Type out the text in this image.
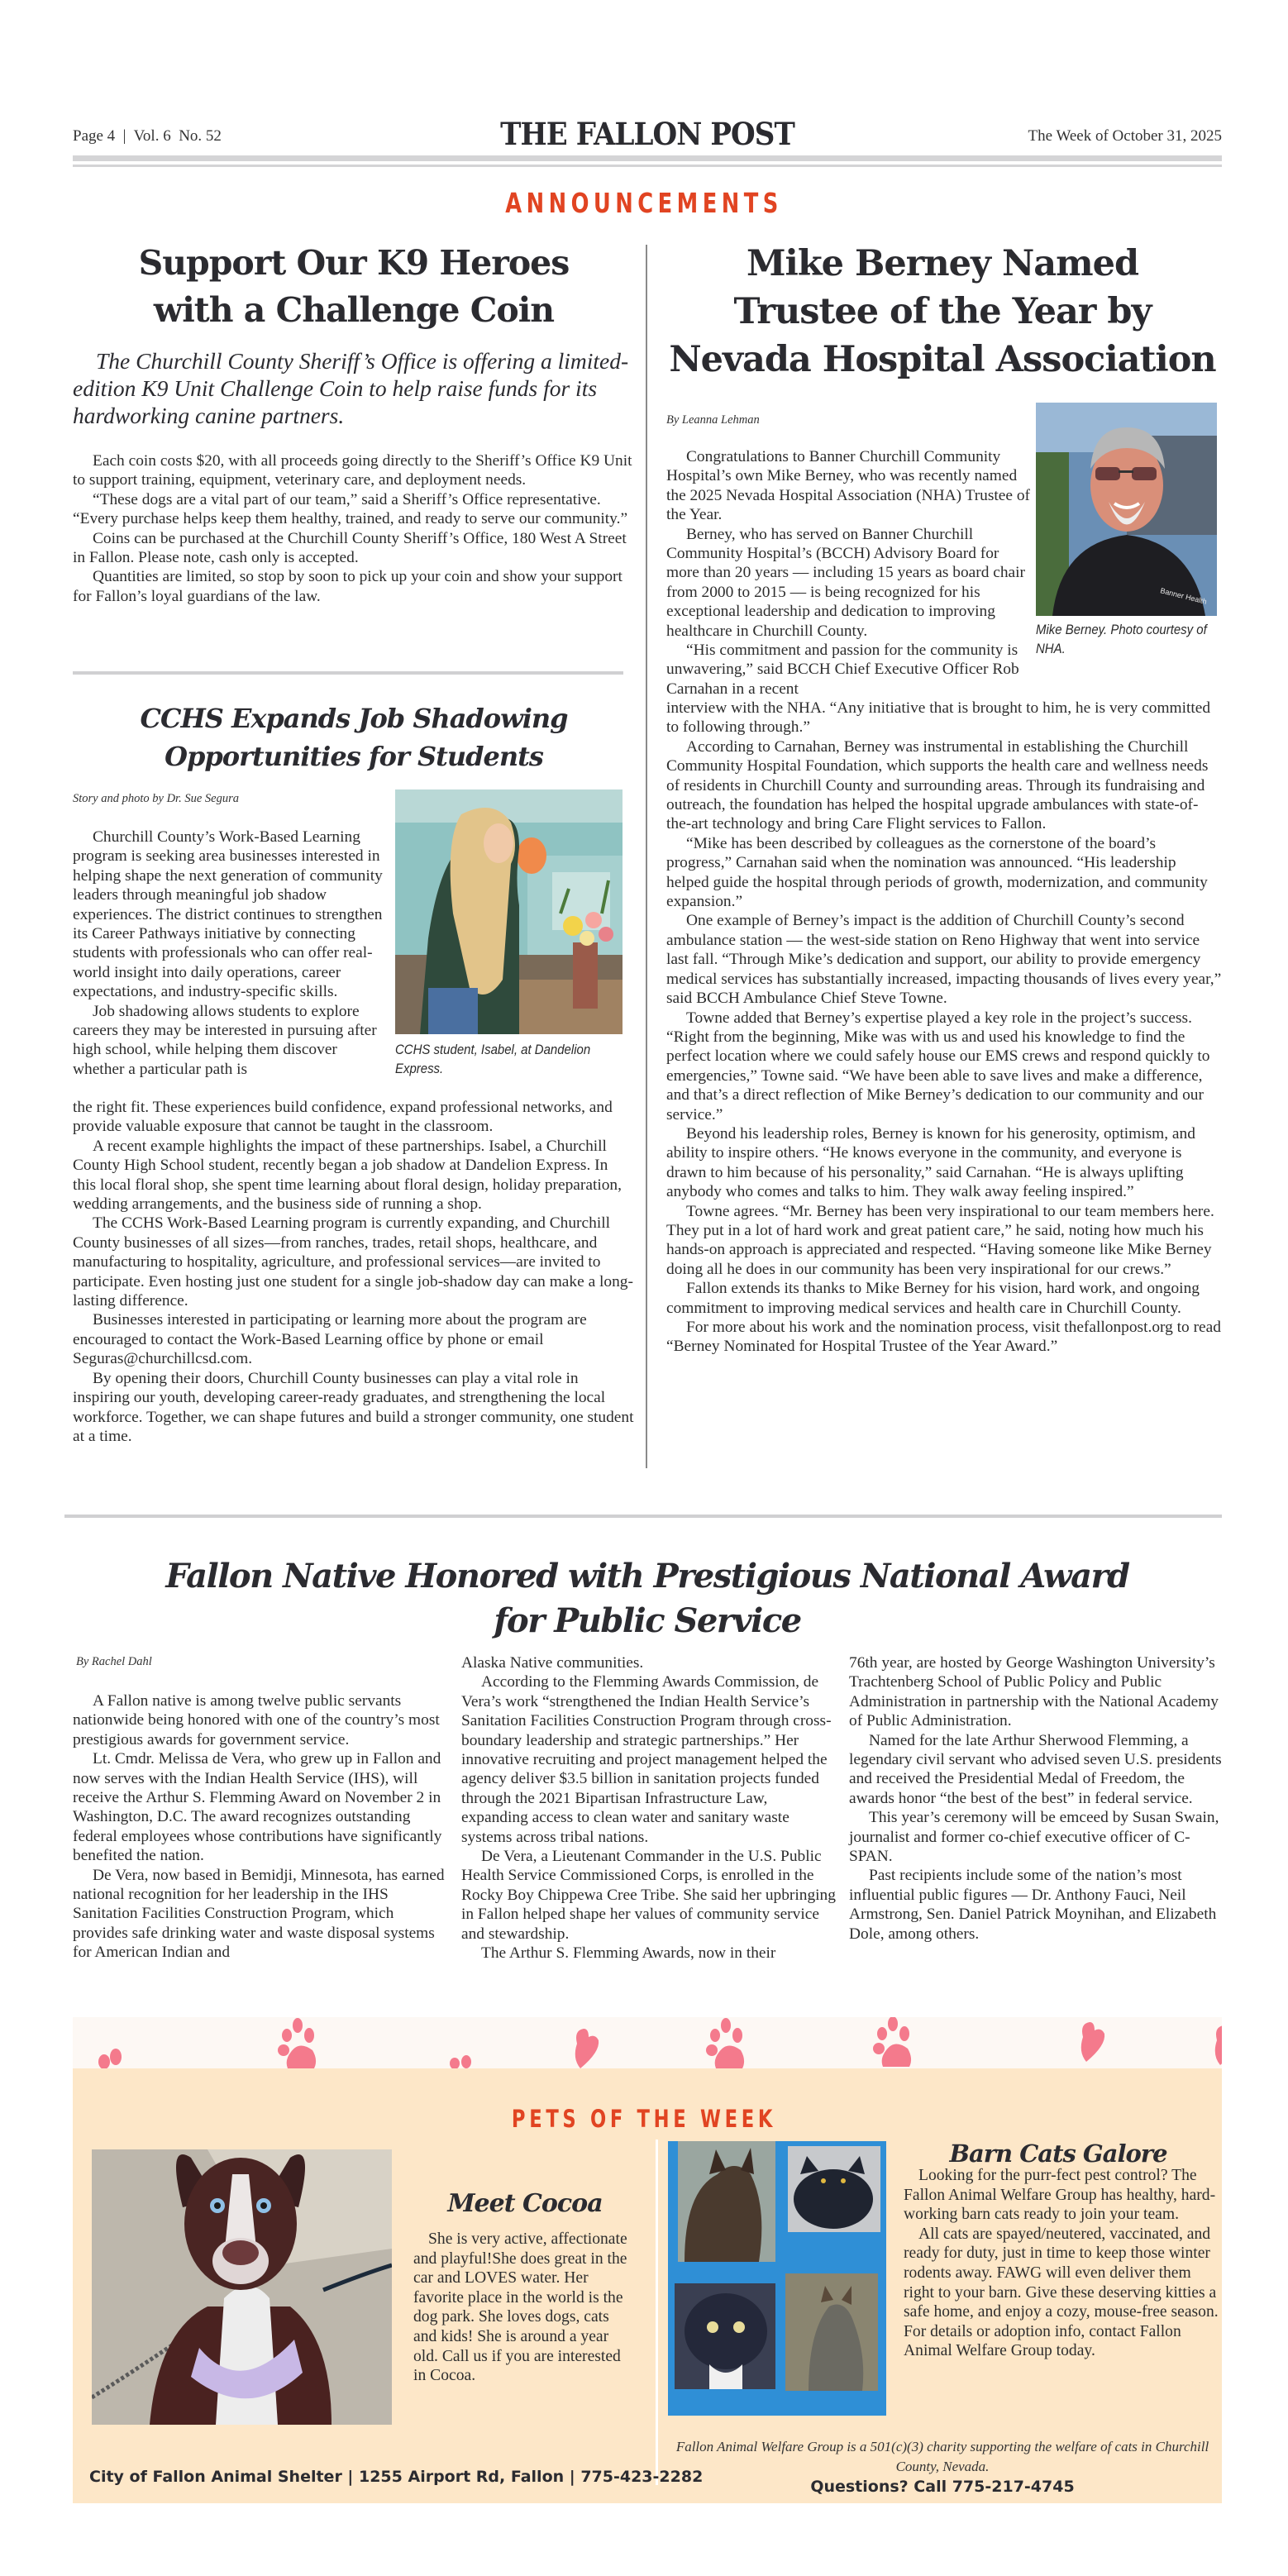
Page 4  |  Vol. 6  No. 52	THE FALLON POST	The Week of October 31, 2025
ANNOUNCEMENTS
Support Our K9 Heroes
with a Challenge Coin

The Churchill County Sheriff’s Office is offering a limited-edition K9 Unit Challenge Coin to help raise funds for its hardworking canine partners.

Each coin costs $20, with all proceeds going directly to the Sheriff’s Office K9 Unit to support training, equipment, veterinary care, and deployment needs.

“These dogs are a vital part of our team,” said a Sheriff’s Office representative. “Every purchase helps keep them healthy, trained, and ready to serve our community.”

Coins can be purchased at the Churchill County Sheriff’s Office, 180 West A Street in Fallon. Please note, cash only is accepted.

Quantities are limited, so stop by soon to pick up your coin and show your support for Fallon’s loyal guardians of the law.

CCHS Expands Job Shadowing
Opportunities for Students
Story and photo by Dr. Sue Segura
CCHS student, Isabel, at Dandelion Express.

Churchill County’s Work-Based Learning program is seeking area businesses interested in helping shape the next generation of community leaders through meaningful job shadow experiences. The district continues to strengthen its Career Pathways initiative by connecting students with professionals who can offer real-world insight into daily operations, career expectations, and industry-specific skills.

Job shadowing allows students to explore careers they may be interested in pursuing after high school, while helping them discover whether a particular path is

the right fit. These experiences build confidence, expand professional networks, and provide valuable exposure that cannot be taught in the classroom.

A recent example highlights the impact of these partnerships. Isabel, a Churchill County High School student, recently began a job shadow at Dandelion Express. In this local floral shop, she spent time learning about floral design, holiday preparation, wedding arrangements, and the business side of running a shop.

The CCHS Work-Based Learning program is currently expanding, and Churchill County businesses of all sizes—from ranches, trades, retail shops, healthcare, and manufacturing to hospitality, agriculture, and professional services—are invited to participate. Even hosting just one student for a single job-shadow day can make a long-lasting difference.

Businesses interested in participating or learning more about the program are encouraged to contact the Work-Based Learning office by phone or email Seguras@churchillcsd.com.

By opening their doors, Churchill County businesses can play a vital role in inspiring our youth, developing career-ready graduates, and strengthening the local workforce. Together, we can shape futures and build a stronger community, one student at a time.

Mike Berney Named
Trustee of the Year by
Nevada Hospital Association
By Leanna Lehman
Banner Health
Mike Berney. Photo courtesy of NHA.

Congratulations to Banner Churchill Community Hospital’s own Mike Berney, who was recently named the 2025 Nevada Hospital Association (NHA) Trustee of the Year.

Berney, who has served on Banner Churchill Community Hospital’s (BCCH) Advisory Board for more than 20 years — including 15 years as board chair from 2000 to 2015 — is being recognized for his exceptional leadership and dedication to improving healthcare in Churchill County.

“His commitment and passion for the community is unwavering,” said BCCH Chief Executive Officer Rob Carnahan in a recent

interview with the NHA. “Any initiative that is brought to him, he is very committed to following through.”

According to Carnahan, Berney was instrumental in establishing the Churchill Community Hospital Foundation, which supports the health care and wellness needs of residents in Churchill County and surrounding areas. Through its fundraising and outreach, the foundation has helped the hospital upgrade ambulances with state-of-the-art technology and bring Care Flight services to Fallon.

“Mike has been described by colleagues as the cornerstone of the board’s progress,” Carnahan said when the nomination was announced. “His leadership helped guide the hospital through periods of growth, modernization, and community expansion.”

One example of Berney’s impact is the addition of Churchill County’s second ambulance station — the west-side station on Reno Highway that went into service last fall. “Through Mike’s dedication and support, our ability to provide emergency medical services has substantially increased, impacting thousands of lives every year,” said BCCH Ambulance Chief Steve Towne.

Towne added that Berney’s expertise played a key role in the project’s success. “Right from the beginning, Mike was with us and used his knowledge to find the perfect location where we could safely house our EMS crews and respond quickly to emergencies,” Towne said. “We have been able to save lives and make a difference, and that’s a direct reflection of Mike Berney’s dedication to our community and our service.”

Beyond his leadership roles, Berney is known for his generosity, optimism, and ability to inspire others. “He knows everyone in the community, and everyone is drawn to him because of his personality,” said Carnahan. “He is always uplifting anybody who comes and talks to him. They walk away feeling inspired.”

Towne agrees. “Mr. Berney has been very inspirational to our team members here. They put in a lot of hard work and great patient care,” he said, noting how much his hands-on approach is appreciated and respected. “Having someone like Mike Berney doing all he does in our community has been very inspirational for our crews.”

Fallon extends its thanks to Mike Berney for his vision, hard work, and ongoing commitment to improving medical services and health care in Churchill County.

For more about his work and the nomination process, visit thefallonpost.org to read “Berney Nominated for Hospital Trustee of the Year Award.”

Fallon Native Honored with Prestigious National Award
for Public Service
By Rachel Dahl

A Fallon native is among twelve public servants nationwide being honored with one of the country’s most prestigious awards for government service.

Lt. Cmdr. Melissa de Vera, who grew up in Fallon and now serves with the Indian Health Service (IHS), will receive the Arthur S. Flemming Award on November 2 in Washington, D.C. The award recognizes outstanding federal employees whose contributions have significantly benefited the nation.

De Vera, now based in Bemidji, Minnesota, has earned national recognition for her leadership in the IHS Sanitation Facilities Construction Program, which provides safe drinking water and waste disposal systems for American Indian and

Alaska Native communities.

According to the Flemming Awards Commission, de Vera’s work “strengthened the Indian Health Service’s Sanitation Facilities Construction Program through cross-boundary leadership and strategic partnerships.” Her innovative recruiting and project management helped the agency deliver $3.5 billion in sanitation projects funded through the 2021 Bipartisan Infrastructure Law, expanding access to clean water and sanitary waste systems across tribal nations.

De Vera, a Lieutenant Commander in the U.S. Public Health Service Commissioned Corps, is enrolled in the Rocky Boy Chippewa Cree Tribe. She said her upbringing in Fallon helped shape her values of community service and stewardship.

The Arthur S. Flemming Awards, now in their

76th year, are hosted by George Washington University’s Trachtenberg School of Public Policy and Public Administration in partnership with the National Academy of Public Administration.

Named for the late Arthur Sherwood Flemming, a legendary civil servant who advised seven U.S. presidents and received the Presidential Medal of Freedom, the awards honor “the best of the best” in federal service.

This year’s ceremony will be emceed by Susan Swain, journalist and former co-chief executive officer of C-SPAN.

Past recipients include some of the nation’s most influential public figures — Dr. Anthony Fauci, Neil Armstrong, Sen. Daniel Patrick Moynihan, and Elizabeth Dole, among others.

PETS OF THE WEEK
Meet Cocoa

She is very active, affectionate and playful!She does great in the car and LOVES water. Her favorite place in the world is the dog park. She loves dogs, cats and kids! She is around a year old. Call us if you are interested in Cocoa.

City of Fallon Animal Shelter | 1255 Airport Rd, Fallon | 775-423-2282
Barn Cats Galore

Looking for the purr-fect pest control? The Fallon Animal Welfare Group has healthy, hard-working barn cats ready to join your team.

All cats are spayed/neutered, vaccinated, and ready for duty, just in time to keep those winter rodents away. FAWG will even deliver them right to your barn. Give these deserving kitties a safe home, and enjoy a cozy, mouse-free season. For details or adoption info, contact Fallon Animal Welfare Group today.

Fallon Animal Welfare Group is a 501(c)(3) charity supporting the welfare of cats in Churchill County, Nevada.
Questions? Call 775-217-4745
